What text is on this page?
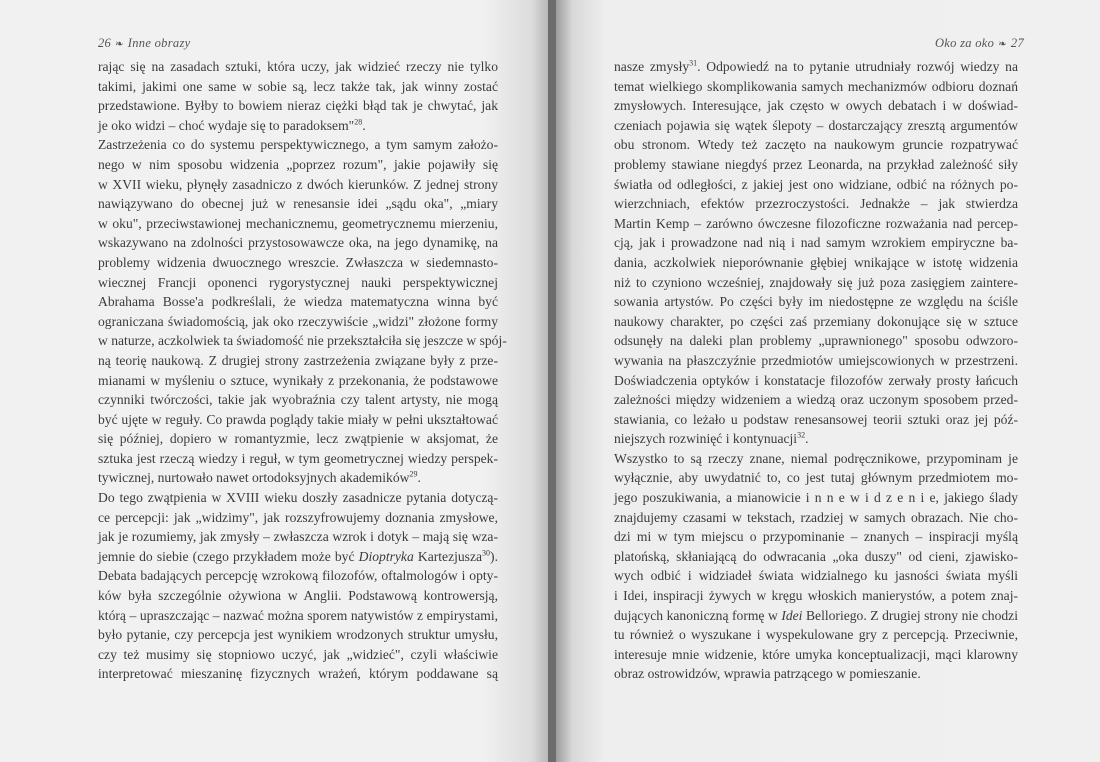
26 ❧ Inne obrazy
rając się na zasadach sztuki, która uczy, jak widzieć rzeczy nie tylko
takimi, jakimi one same w sobie są, lecz także tak, jak winny zostać
przedstawione. Byłby to bowiem nieraz ciężki błąd tak je chwytać, jak
je oko widzi – choć wydaje się to paradoksem"$^{28}$.
Zastrzeżenia co do systemu perspektywicznego, a tym samym założo-
nego w nim sposobu widzenia „poprzez rozum", jakie pojawiły się
w XVII wieku, płynęły zasadniczo z dwóch kierunków. Z jednej strony
nawiązywano do obecnej już w renesansie idei „sądu oka", „miary
w oku", przeciwstawionej mechanicznemu, geometrycznemu mierzeniu,
wskazywano na zdolności przystosowawcze oka, na jego dynamikę, na
problemy widzenia dwuocznego wreszcie. Zwłaszcza w siedemnasto-
wiecznej Francji oponenci rygorystycznej nauki perspektywicznej
Abrahama Bosse'a podkreślali, że wiedza matematyczna winna być
ograniczana świadomością, jak oko rzeczywiście „widzi" złożone formy
w naturze, aczkolwiek ta świadomość nie przekształciła się jeszcze w spój-
ną teorię naukową. Z drugiej strony zastrzeżenia związane były z prze-
mianami w myśleniu o sztuce, wynikały z przekonania, że podstawowe
czynniki twórczości, takie jak wyobraźnia czy talent artysty, nie mogą
być ujęte w reguły. Co prawda poglądy takie miały w pełni ukształtować
się później, dopiero w romantyzmie, lecz zwątpienie w aksjomat, że
sztuka jest rzeczą wiedzy i reguł, w tym geometrycznej wiedzy perspek-
tywicznej, nurtowało nawet ortodoksyjnych akademików$^{29}$.
Do tego zwątpienia w XVIII wieku doszły zasadnicze pytania dotyczą-
ce percepcji: jak „widzimy", jak rozszyfrowujemy doznania zmysłowe,
jak je rozumiemy, jak zmysły – zwłaszcza wzrok i dotyk – mają się wza-
jemnie do siebie (czego przykładem może być Dioptryka Kartezjusza$^{30}$).
Debata badających percepcję wzrokową filozofów, oftalmologów i opty-
ków była szczególnie ożywiona w Anglii. Podstawową kontrowersją,
którą – upraszczając – nazwać można sporem natywistów z empirystami,
było pytanie, czy percepcja jest wynikiem wrodzonych struktur umysłu,
czy też musimy się stopniowo uczyć, jak „widzieć", czyli właściwie
interpretować mieszaninę fizycznych wrażeń, którym poddawane są
Oko za oko ❧ 27
nasze zmysły$^{31}$. Odpowiedź na to pytanie utrudniały rozwój wiedzy na
temat wielkiego skomplikowania samych mechanizmów odbioru doznań
zmysłowych. Interesujące, jak często w owych debatach i w doświad-
czeniach pojawia się wątek ślepoty – dostarczający zresztą argumentów
obu stronom. Wtedy też zaczęto na naukowym gruncie rozpatrywać
problemy stawiane niegdyś przez Leonarda, na przykład zależność siły
światła od odległości, z jakiej jest ono widziane, odbić na różnych po-
wierzchniach, efektów przezroczystości. Jednakże – jak stwierdza
Martin Kemp – zarówno ówczesne filozoficzne rozważania nad percep-
cją, jak i prowadzone nad nią i nad samym wzrokiem empiryczne ba-
dania, aczkolwiek nieporównanie głębiej wnikające w istotę widzenia
niż to czyniono wcześniej, znajdowały się już poza zasięgiem zaintere-
sowania artystów. Po części były im niedostępne ze względu na ściśle
naukowy charakter, po części zaś przemiany dokonujące się w sztuce
odsunęły na daleki plan problemy „uprawnionego" sposobu odwzoro-
wywania na płaszczyźnie przedmiotów umiejscowionych w przestrzeni.
Doświadczenia optyków i konstatacje filozofów zerwały prosty łańcuch
zależności między widzeniem a wiedzą oraz uczonym sposobem przed-
stawiania, co leżało u podstaw renesansowej teorii sztuki oraz jej póź-
niejszych rozwinięć i kontynuacji$^{32}$.
Wszystko to są rzeczy znane, niemal podręcznikowe, przypominam je
wyłącznie, aby uwydatnić to, co jest tutaj głównym przedmiotem mo-
jego poszukiwania, a mianowicie i n n e w i d z e n i e, jakiego ślady
znajdujemy czasami w tekstach, rzadziej w samych obrazach. Nie cho-
dzi mi w tym miejscu o przypominanie – znanych – inspiracji myślą
platońską, skłaniającą do odwracania „oka duszy" od cieni, zjawisko-
wych odbić i widziadeł świata widzialnego ku jasności świata myśli
i Idei, inspiracji żywych w kręgu włoskich manierystów, a potem znaj-
dujących kanoniczną formę w Idei Belloriego. Z drugiej strony nie chodzi
tu również o wyszukane i wyspekulowane gry z percepcją. Przeciwnie,
interesuje mnie widzenie, które umyka konceptualizacji, mąci klarowny
obraz ostrowidzów, wprawia patrzącego w pomieszanie.
